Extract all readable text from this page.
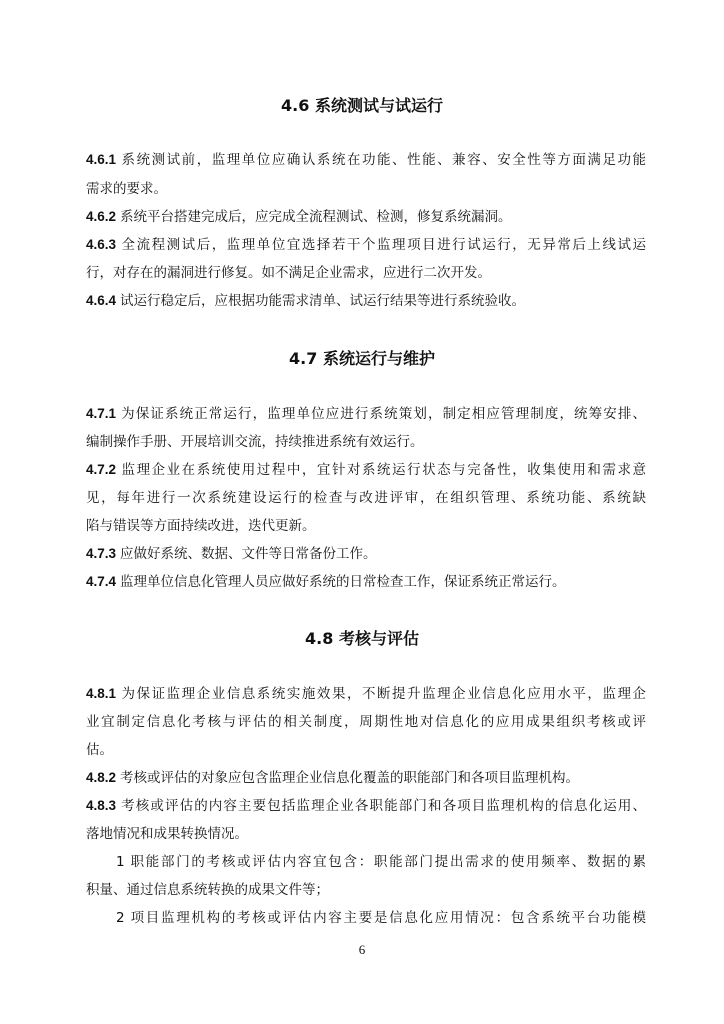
4.6 系统测试与试运行
4.6.1 系统测试前，监理单位应确认系统在功能、性能、兼容、安全性等方面满足功能
需求的要求。
4.6.2 系统平台搭建完成后，应完成全流程测试、检测，修复系统漏洞。
4.6.3 全流程测试后，监理单位宜选择若干个监理项目进行试运行，无异常后上线试运
行，对存在的漏洞进行修复。如不满足企业需求，应进行二次开发。
4.6.4 试运行稳定后，应根据功能需求清单、试运行结果等进行系统验收。
4.7 系统运行与维护
4.7.1 为保证系统正常运行，监理单位应进行系统策划，制定相应管理制度，统筹安排、
编制操作手册、开展培训交流，持续推进系统有效运行。
4.7.2 监理企业在系统使用过程中，宜针对系统运行状态与完备性，收集使用和需求意
见，每年进行一次系统建设运行的检查与改进评审，在组织管理、系统功能、系统缺
陷与错误等方面持续改进，迭代更新。
4.7.3 应做好系统、数据、文件等日常备份工作。
4.7.4 监理单位信息化管理人员应做好系统的日常检查工作，保证系统正常运行。
4.8 考核与评估
4.8.1 为保证监理企业信息系统实施效果，不断提升监理企业信息化应用水平，监理企
业宜制定信息化考核与评估的相关制度，周期性地对信息化的应用成果组织考核或评
估。
4.8.2 考核或评估的对象应包含监理企业信息化覆盖的职能部门和各项目监理机构。
4.8.3 考核或评估的内容主要包括监理企业各职能部门和各项目监理机构的信息化运用、
落地情况和成果转换情况。
1 职能部门的考核或评估内容宜包含：职能部门提出需求的使用频率、数据的累
积量、通过信息系统转换的成果文件等；
2 项目监理机构的考核或评估内容主要是信息化应用情况：包含系统平台功能模
6
